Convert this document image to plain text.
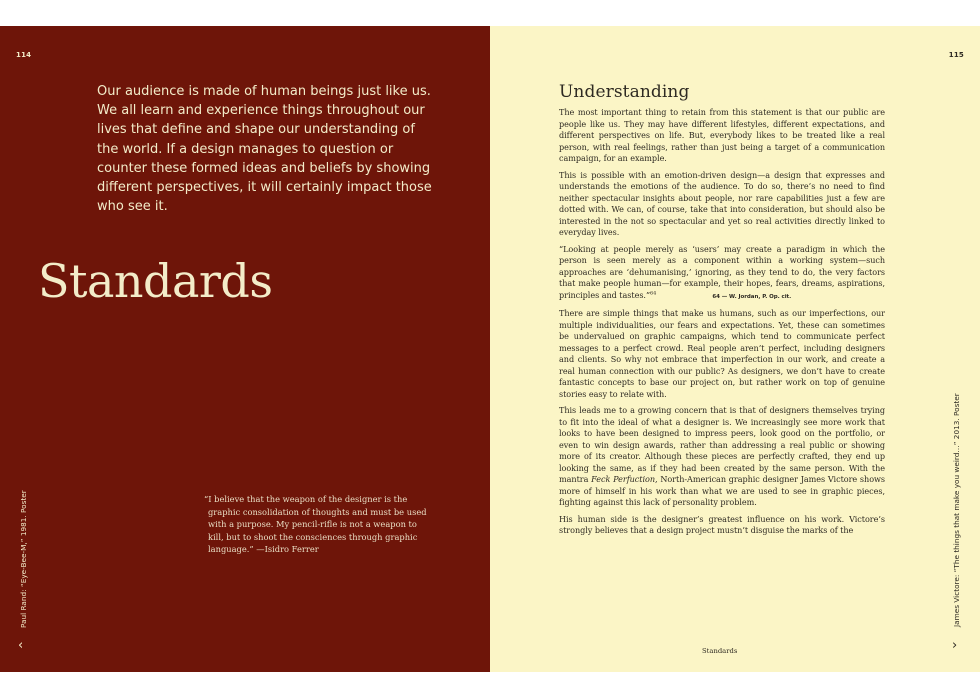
114

Our audience is made of human beings just like us. We all learn and experience things throughout our lives that define and shape our understanding of the world. If a design manages to question or counter these formed ideas and beliefs by showing different perspectives, it will certainly impact those who see it.

Standards

“I believe that the weapon of the designer is the graphic consolidation of thoughts and must be used with a purpose. My pencil-rifle is not a weapon to kill, but to shoot the consciences through graphic language.” —Isidro Ferrer

Paul Rand: “Eye-Bee-M,” 1981. Poster
‹
115
Understanding

The most important thing to retain from this statement is that our public are people like us. They may have different lifestyles, different expectations, and different perspectives on life. But, everybody likes to be treated like a real person, with real feelings, rather than just being a target of a communication campaign, for an example.

This is possible with an emotion-driven design—a design that expresses and understands the emotions of the audience. To do so, there’s no need to find neither spectacular insights about people, nor rare capabilities just a few are dotted with. We can, of course, take that into consideration, but should also be interested in the not so spectacular and yet so real activities directly linked to everyday lives.

“Looking at people merely as ‘users’ may create a paradigm in which the person is seen merely as a component within a working system—such approaches are ‘dehumanising,’ ignoring, as they tend to do, the very factors that make people human—for example, their hopes, fears, dreams, aspirations, principles and tastes.”$^{64}$64 — W. Jordan, P. Op. cit.

There are simple things that make us humans, such as our imperfections, our multiple individualities, our fears and expectations. Yet, these can sometimes be undervalued on graphic campaigns, which tend to communicate perfect messages to a perfect crowd. Real people aren’t perfect, including designers and clients. So why not embrace that imperfection in our work, and create a real human connection with our public? As designers, we don’t have to create fantastic concepts to base our project on, but rather work on top of genuine stories easy to relate with.

This leads me to a growing concern that is that of designers themselves trying to fit into the ideal of what a designer is. We increasingly see more work that looks to have been designed to impress peers, look good on the portfolio, or even to win design awards, rather than addressing a real public or showing more of its creator. Although these pieces are perfectly crafted, they end up looking the same, as if they had been created by the same person. With the mantra Feck Perfuction, North-American graphic designer James Victore shows more of himself in his work than what we are used to see in graphic pieces, fighting against this lack of personality problem.

His human side is the designer’s greatest influence on his work. Victore’s strongly believes that a design project mustn’t disguise the marks of the

Standards
James Victore: “The things that make you weird…” 2013. Poster
›
